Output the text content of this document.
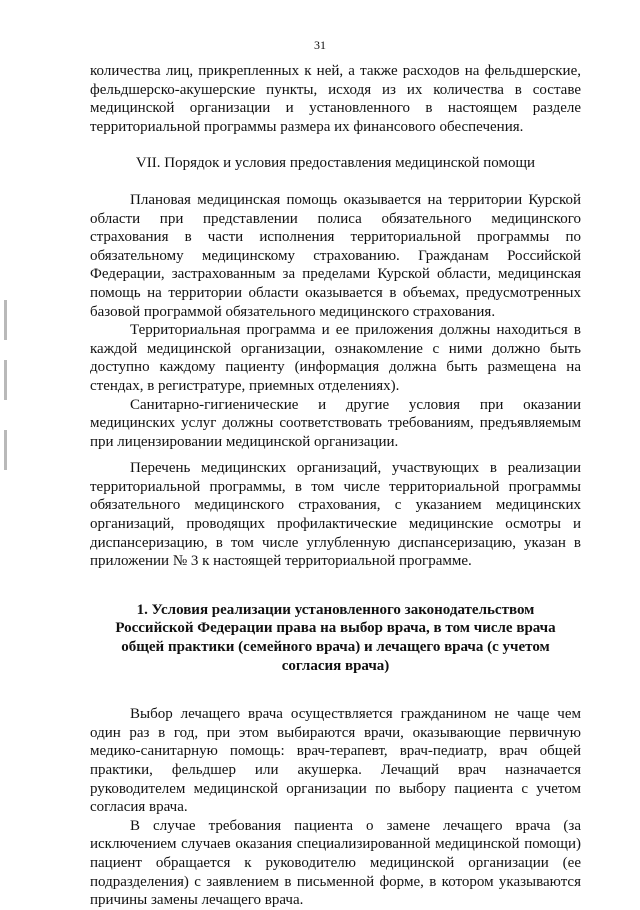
31

количества лиц, прикрепленных к ней, а также расходов на фельдшерские, фельдшерско-акушерские пункты, исходя из их количества в составе медицинской организации и установленного в настоящем разделе территориальной программы размера их финансового обеспечения.

VII. Порядок и условия предоставления медицинской помощи

Плановая медицинская помощь оказывается на территории Курской области при представлении полиса обязательного медицинского страхования в части исполнения территориальной программы по обязательному медицинскому страхованию. Гражданам Российской Федерации, застрахованным за пределами Курской области, медицинская помощь на территории области оказывается в объемах, предусмотренных базовой программой обязательного медицинского страхования.

Территориальная программа и ее приложения должны находиться в каждой медицинской организации, ознакомление с ними должно быть доступно каждому пациенту (информация должна быть размещена на стендах, в регистратуре, приемных отделениях).

Санитарно-гигиенические и другие условия при оказании медицинских услуг должны соответствовать требованиям, предъявляемым при лицензировании медицинской организации.

Перечень медицинских организаций, участвующих в реализации территориальной программы, в том числе территориальной программы обязательного медицинского страхования, с указанием медицинских организаций, проводящих профилактические медицинские осмотры и диспансеризацию, в том числе углубленную диспансеризацию, указан в приложении № 3 к настоящей территориальной программе.

1. Условия реализации установленного законодательством Российской Федерации права на выбор врача, в том числе врача общей практики (семейного врача) и лечащего врача (с учетом согласия врача)

Выбор лечащего врача осуществляется гражданином не чаще чем один раз в год, при этом выбираются врачи, оказывающие первичную медико-санитарную помощь: врач-терапевт, врач-педиатр, врач общей практики, фельдшер или акушерка. Лечащий врач назначается руководителем медицинской организации по выбору пациента с учетом согласия врача.

В случае требования пациента о замене лечащего врача (за исключением случаев оказания специализированной медицинской помощи) пациент обращается к руководителю медицинской организации (ее подразделения) с заявлением в письменной форме, в котором указываются причины замены лечащего врача.
